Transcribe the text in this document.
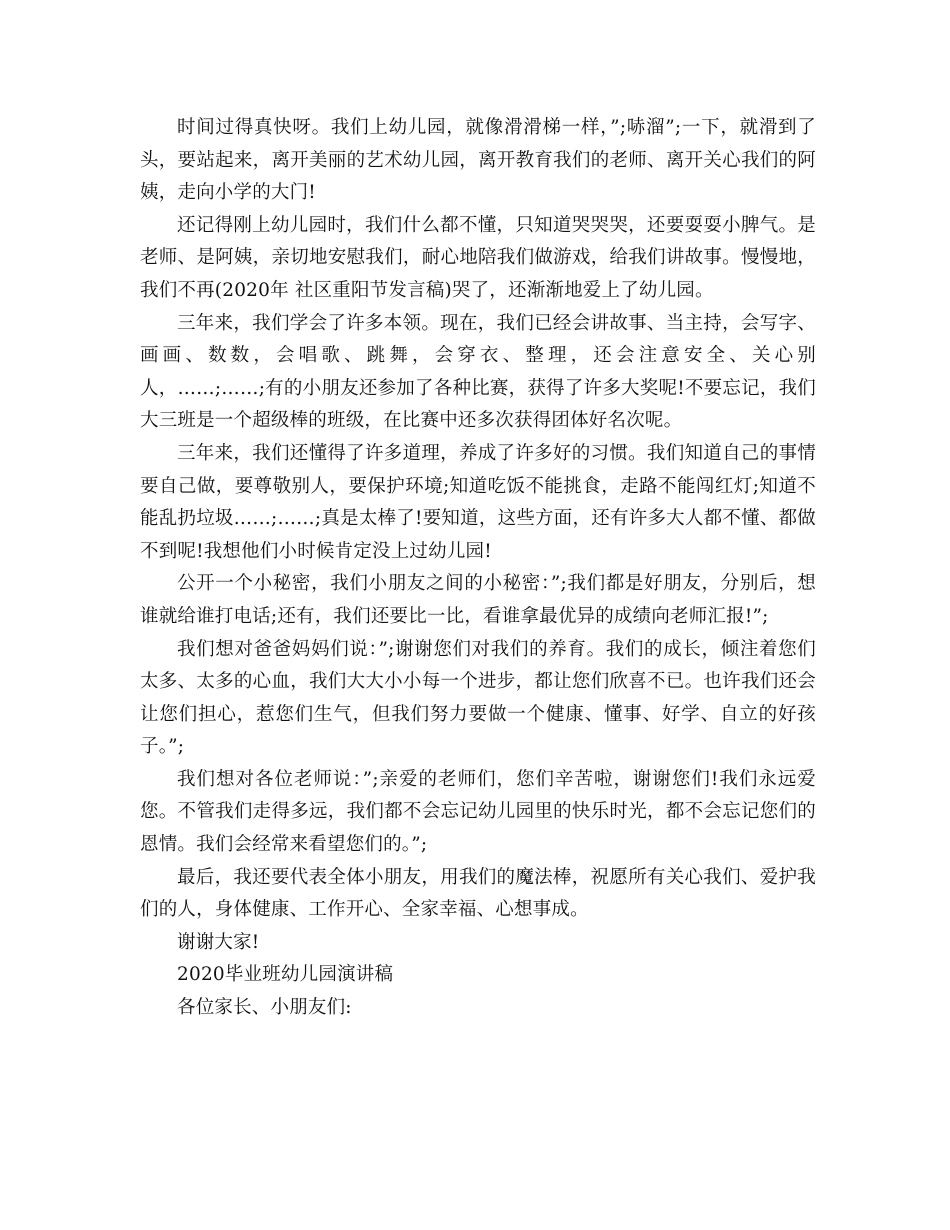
时间过得真快呀。我们上幼儿园，就像滑滑梯一样，”;哧溜”;一下，就滑到了头，要站起来，离开美丽的艺术幼儿园，离开教育我们的老师、离开关心我们的阿姨，走向小学的大门!

还记得刚上幼儿园时，我们什么都不懂，只知道哭哭哭，还要耍耍小脾气。是老师、是阿姨，亲切地安慰我们，耐心地陪我们做游戏，给我们讲故事。慢慢地，我们不再(2020年 社区重阳节发言稿)哭了，还渐渐地爱上了幼儿园。

三年来，我们学会了许多本领。现在，我们已经会讲故事、当主持，会写字、画画、数数，会唱歌、跳舞，会穿衣、整理，还会注意安全、关心别人，……;……;有的小朋友还参加了各种比赛，获得了许多大奖呢!不要忘记，我们大三班是一个超级棒的班级，在比赛中还多次获得团体好名次呢。

三年来，我们还懂得了许多道理，养成了许多好的习惯。我们知道自己的事情要自己做，要尊敬别人，要保护环境;知道吃饭不能挑食，走路不能闯红灯;知道不能乱扔垃圾……;……;真是太棒了!要知道，这些方面，还有许多大人都不懂、都做不到呢!我想他们小时候肯定没上过幼儿园!

公开一个小秘密，我们小朋友之间的小秘密：”;我们都是好朋友，分别后，想谁就给谁打电话;还有，我们还要比一比，看谁拿最优异的成绩向老师汇报!”;

我们想对爸爸妈妈们说：”;谢谢您们对我们的养育。我们的成长，倾注着您们太多、太多的心血，我们大大小小每一个进步，都让您们欣喜不已。也许我们还会让您们担心，惹您们生气，但我们努力要做一个健康、懂事、好学、自立的好孩子。”;

我们想对各位老师说：”;亲爱的老师们，您们辛苦啦，谢谢您们!我们永远爱您。不管我们走得多远，我们都不会忘记幼儿园里的快乐时光，都不会忘记您们的恩情。我们会经常来看望您们的。”;

最后，我还要代表全体小朋友，用我们的魔法棒，祝愿所有关心我们、爱护我们的人，身体健康、工作开心、全家幸福、心想事成。

谢谢大家!

2020毕业班幼儿园演讲稿

各位家长、小朋友们:
